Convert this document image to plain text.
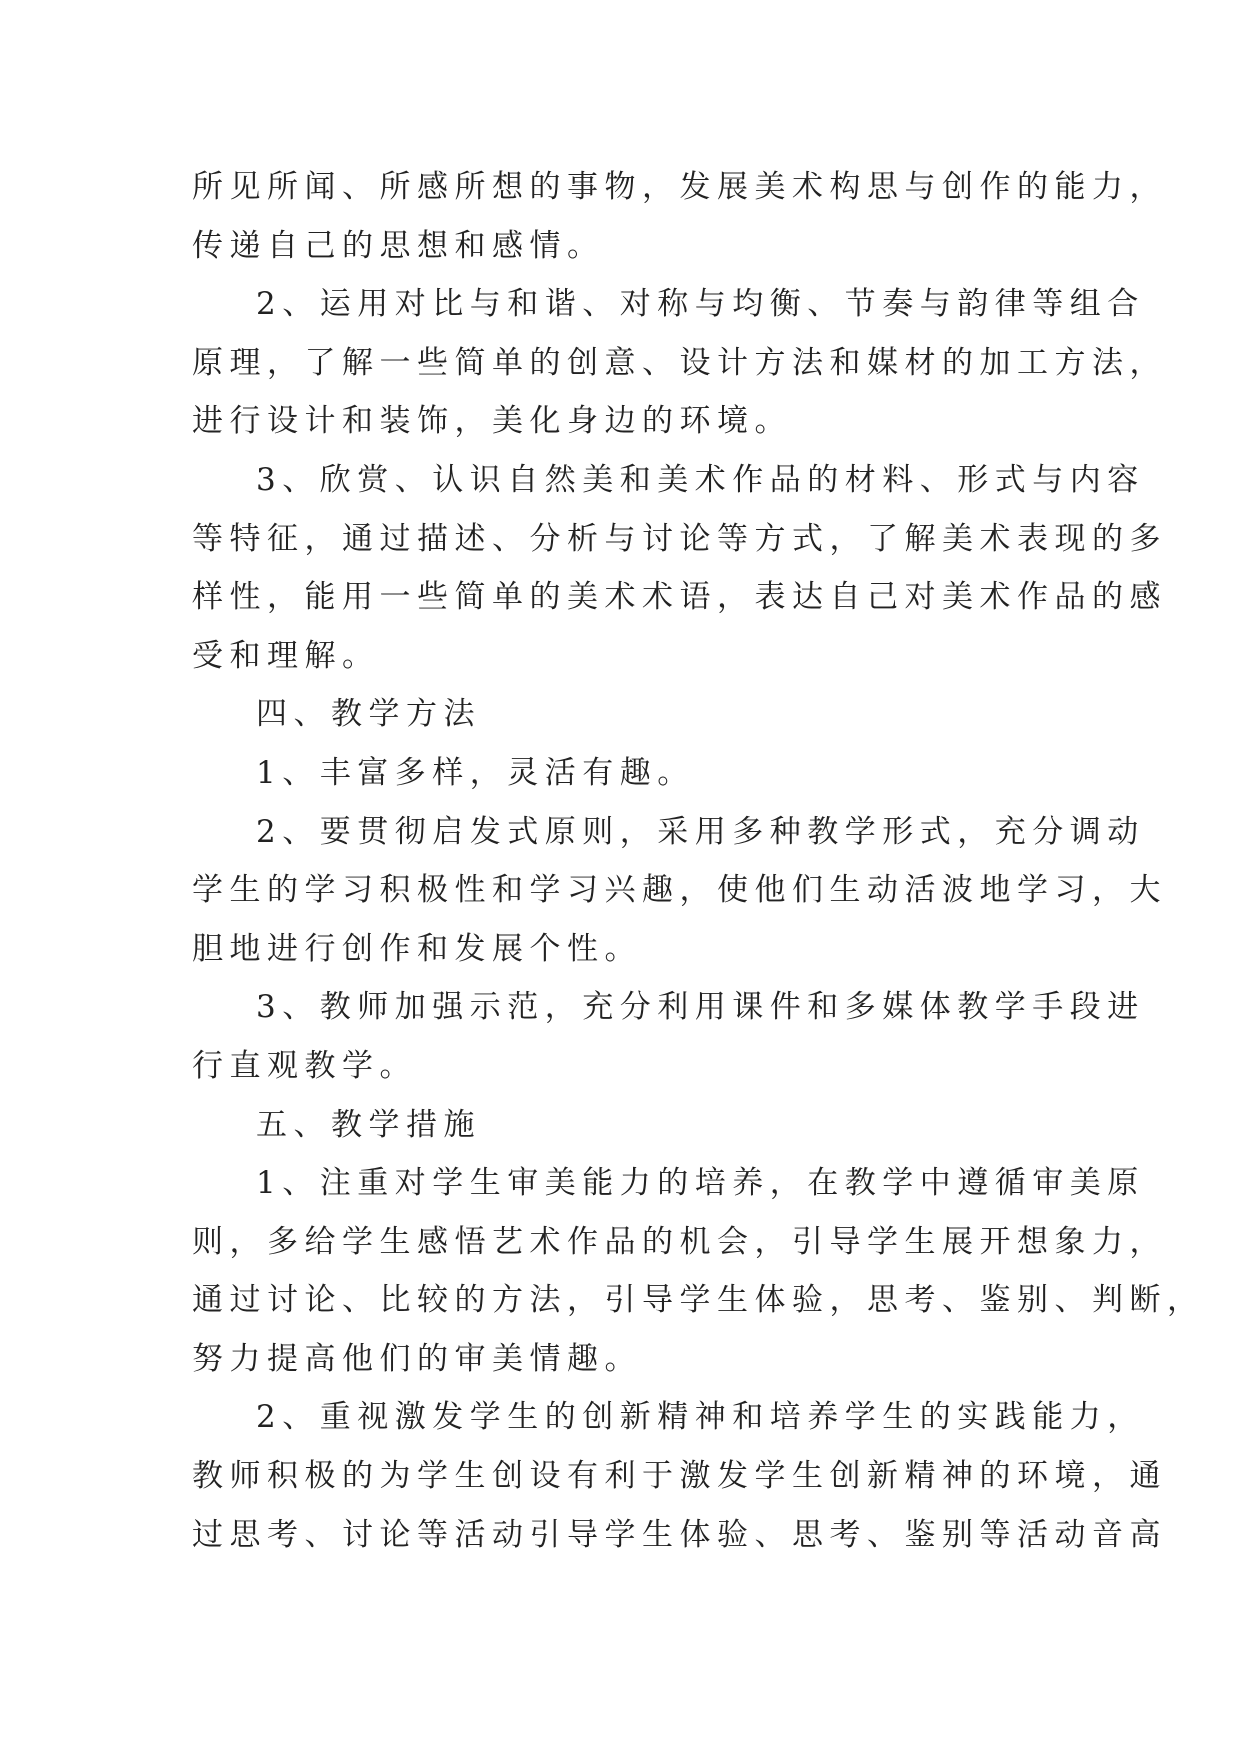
所见所闻、所感所想的事物，发展美术构思与创作的能力，
传递自己的思想和感情。
2、运用对比与和谐、对称与均衡、节奏与韵律等组合
原理，了解一些简单的创意、设计方法和媒材的加工方法，
进行设计和装饰，美化身边的环境。
3、欣赏、认识自然美和美术作品的材料、形式与内容
等特征，通过描述、分析与讨论等方式，了解美术表现的多
样性，能用一些简单的美术术语，表达自己对美术作品的感
受和理解。
四、教学方法
1、丰富多样，灵活有趣。
2、要贯彻启发式原则，采用多种教学形式，充分调动
学生的学习积极性和学习兴趣，使他们生动活波地学习，大
胆地进行创作和发展个性。
3、教师加强示范，充分利用课件和多媒体教学手段进
行直观教学。
五、教学措施
1、注重对学生审美能力的培养，在教学中遵循审美原
则，多给学生感悟艺术作品的机会，引导学生展开想象力，
通过讨论、比较的方法，引导学生体验，思考、鉴别、判断，
努力提高他们的审美情趣。
2、重视激发学生的创新精神和培养学生的实践能力，
教师积极的为学生创设有利于激发学生创新精神的环境，通
过思考、讨论等活动引导学生体验、思考、鉴别等活动音高
